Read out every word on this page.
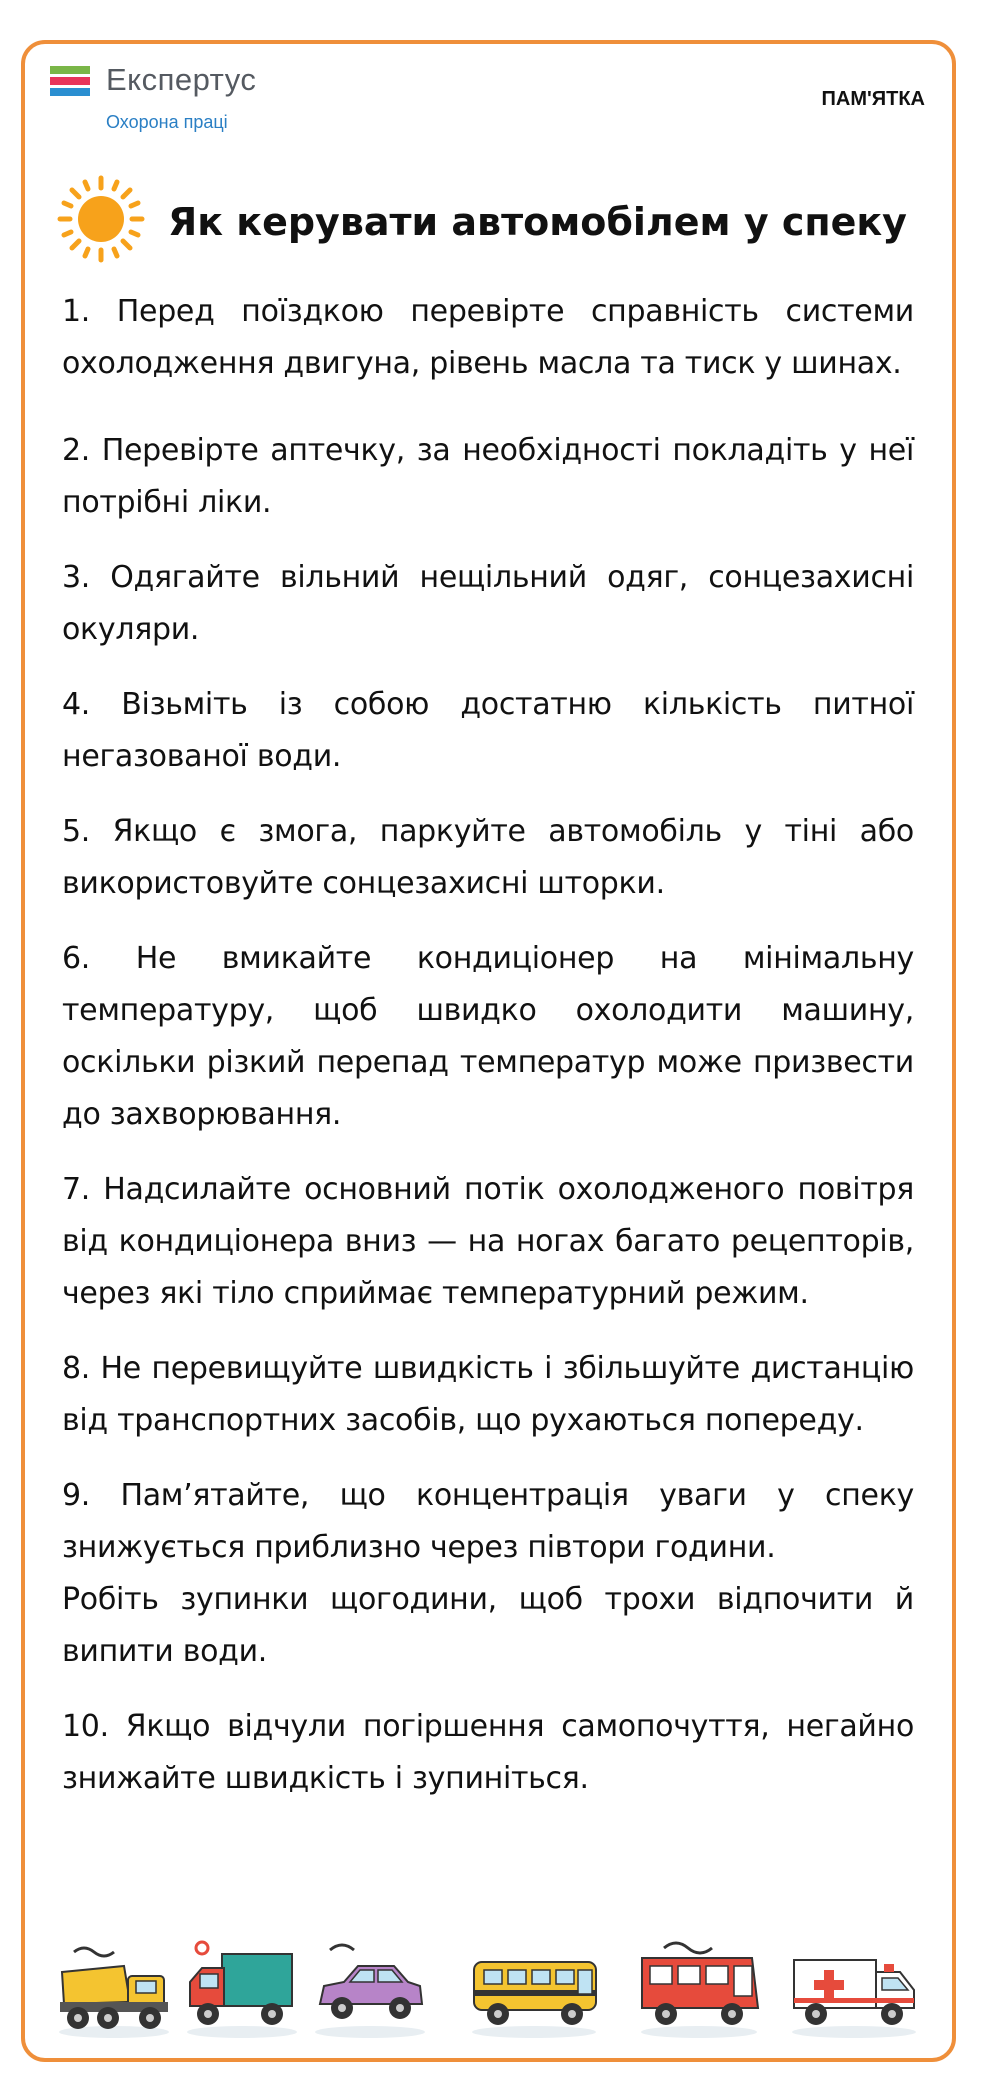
Експертус
Охорона праці
ПАМ'ЯТКА
Як керувати автомобілем у спеку
1. Перед поїздкою перевірте справність системи охолодження двигуна, рівень масла та тиск у шинах.
2. Перевірте аптечку, за необхідності покладіть у неї потрібні ліки.
3. Одягайте вільний нещільний одяг, сонцезахисні окуляри.
4. Візьміть із собою достатню кількість питної негазованої води.
5. Якщо є змога, паркуйте автомобіль у тіні або використовуйте сонцезахисні шторки.
6. Не вмикайте кондиціонер на мінімальну температуру, щоб швидко охолодити машину, оскільки різкий перепад температур може призвести до захворювання.
7. Надсилайте основний потік охолодженого повітря від кондиціонера вниз — на ногах багато рецепторів, через які тіло сприймає температурний режим.
8. Не перевищуйте швидкість і збільшуйте дистанцію від транспортних засобів, що рухаються попереду.
9. Пам’ятайте, що концентрація уваги у спеку знижується приблизно через півтори години.
Робіть зупинки щогодини, щоб трохи відпочити й випити води.
10. Якщо відчули погіршення самопочуття, негайно знижайте швидкість і зупиніться.
